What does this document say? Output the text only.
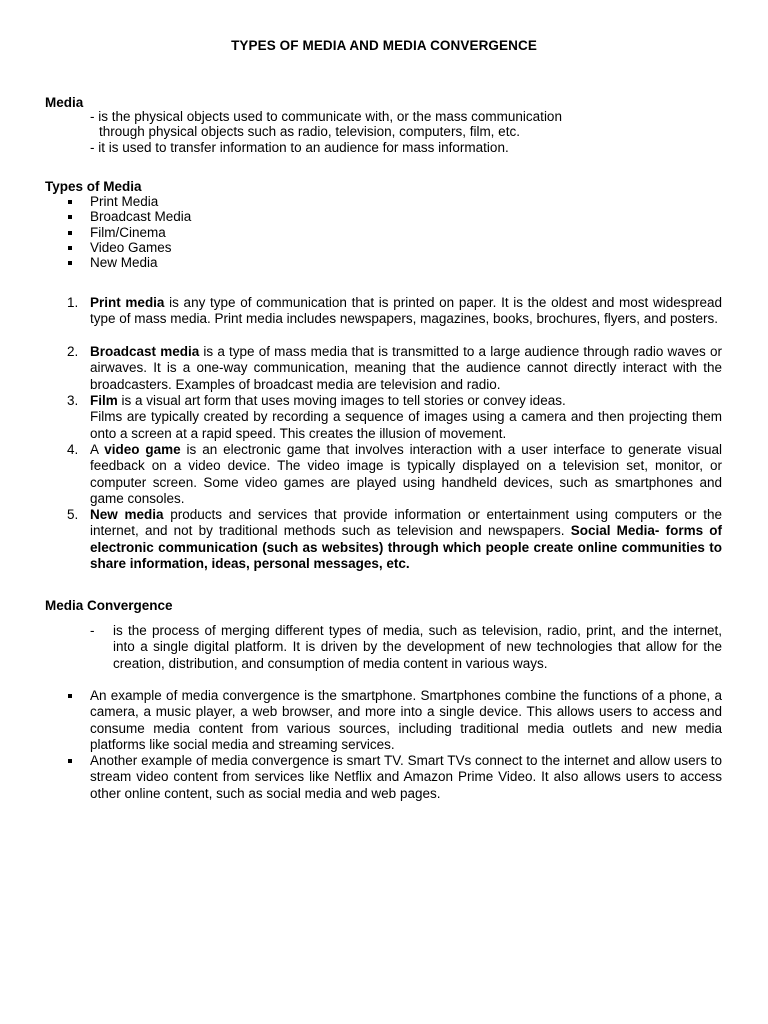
TYPES OF MEDIA AND MEDIA CONVERGENCE
Media
- is the physical objects used to communicate with, or the mass communication
through physical objects such as radio, television, computers, film, etc.
- it is used to transfer information to an audience for mass information.
Types of Media
Print Media
Broadcast Media
Film/Cinema
Video Games
New Media
1. Print media is any type of communication that is printed on paper. It is the oldest and most widespread type of mass media. Print media includes newspapers, magazines, books, brochures, flyers, and posters.
2. Broadcast media is a type of mass media that is transmitted to a large audience through radio waves or airwaves. It is a one-way communication, meaning that the audience cannot directly interact with the broadcasters. Examples of broadcast media are television and radio.
3. Film is a visual art form that uses moving images to tell stories or convey ideas.
Films are typically created by recording a sequence of images using a camera and then projecting them onto a screen at a rapid speed. This creates the illusion of movement.
4. A video game is an electronic game that involves interaction with a user interface to generate visual feedback on a video device. The video image is typically displayed on a television set, monitor, or computer screen. Some video games are played using handheld devices, such as smartphones and game consoles.
5. New media products and services that provide information or entertainment using computers or the internet, and not by traditional methods such as television and newspapers. Social Media- forms of electronic communication (such as websites) through which people create online communities to share information, ideas, personal messages, etc.
Media Convergence
- is the process of merging different types of media, such as television, radio, print, and the internet, into a single digital platform. It is driven by the development of new technologies that allow for the creation, distribution, and consumption of media content in various ways.
An example of media convergence is the smartphone. Smartphones combine the functions of a phone, a camera, a music player, a web browser, and more into a single device. This allows users to access and consume media content from various sources, including traditional media outlets and new media platforms like social media and streaming services.
Another example of media convergence is smart TV. Smart TVs connect to the internet and allow users to stream video content from services like Netflix and Amazon Prime Video. It also allows users to access other online content, such as social media and web pages.
